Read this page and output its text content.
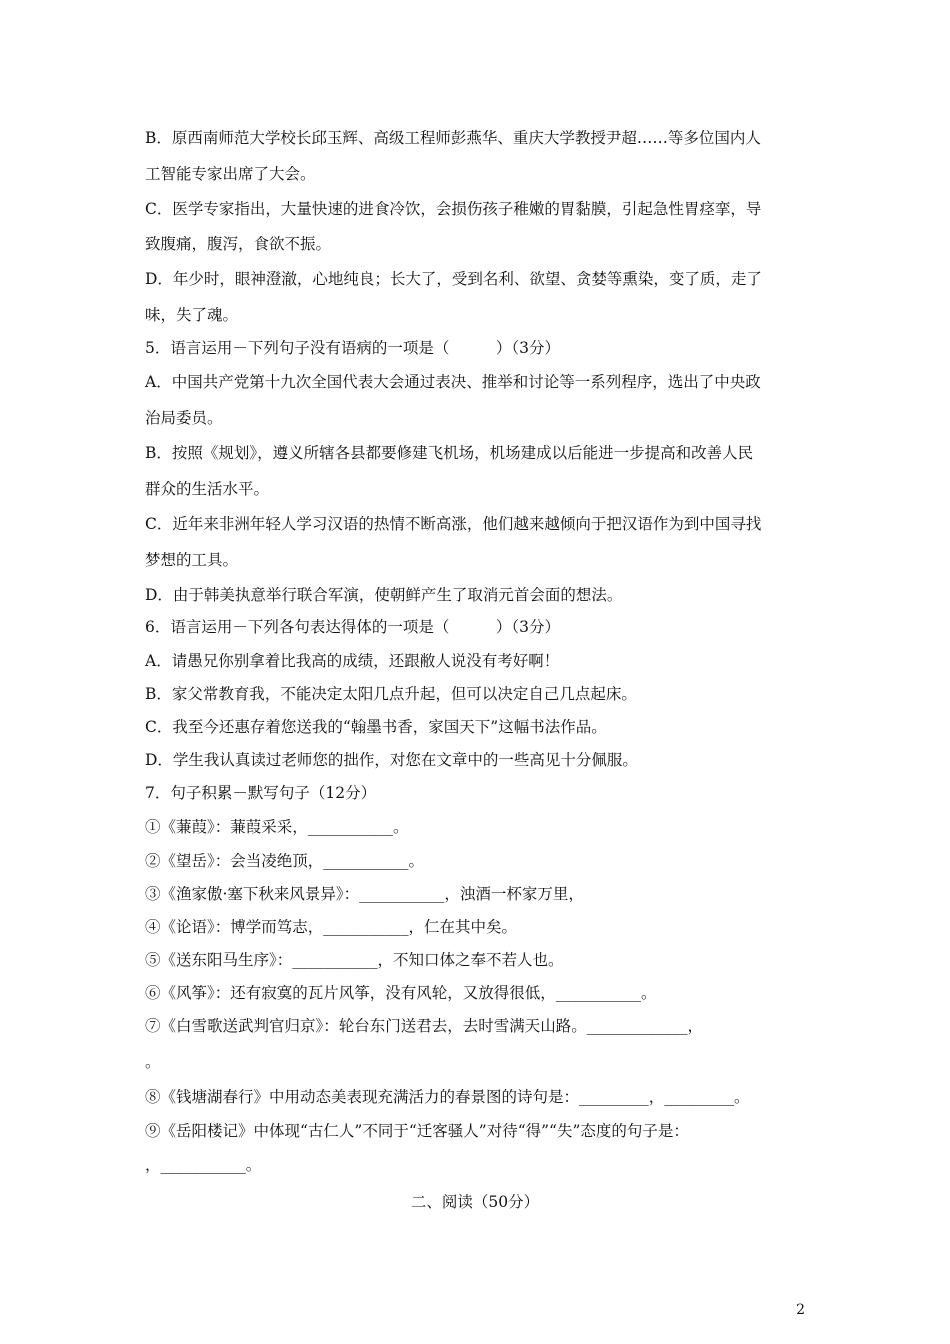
B．原西南师范大学校长邱玉辉、高级工程师彭燕华、重庆大学教授尹超……等多位国内人
工智能专家出席了大会。
C．医学专家指出，大量快速的进食冷饮，会损伤孩子稚嫩的胃黏膜，引起急性胃痉挛，导
致腹痛，腹泻，食欲不振。
D．年少时，眼神澄澈，心地纯良；长大了，受到名利、欲望、贪婪等熏染，变了质，走了
味，失了魂。
5．语言运用－下列句子没有语病的一项是（　　　）（3分）
A．中国共产党第十九次全国代表大会通过表决、推举和讨论等一系列程序，选出了中央政
治局委员。
B．按照《规划》，遵义所辖各县都要修建飞机场，机场建成以后能进一步提高和改善人民
群众的生活水平。
C．近年来非洲年轻人学习汉语的热情不断高涨，他们越来越倾向于把汉语作为到中国寻找
梦想的工具。
D．由于韩美执意举行联合军演，使朝鲜产生了取消元首会面的想法。
6．语言运用－下列各句表达得体的一项是（　　　）（3分）
A．请愚兄你别拿着比我高的成绩，还跟敝人说没有考好啊！
B．家父常教育我，不能决定太阳几点升起，但可以决定自己几点起床。
C．我至今还惠存着您送我的“翰墨书香，家国天下”这幅书法作品。
D．学生我认真读过老师您的拙作，对您在文章中的一些高见十分佩服。
7．句子积累－默写句子（12分）
①《蒹葭》：蒹葭采采，___________。
②《望岳》：会当凌绝顶，___________。
③《渔家傲·塞下秋来风景异》：___________，浊酒一杯家万里，
④《论语》：博学而笃志，___________，仁在其中矣。
⑤《送东阳马生序》：___________，不知口体之奉不若人也。
⑥《风筝》：还有寂寞的瓦片风筝，没有风轮，又放得很低，___________。
⑦《白雪歌送武判官归京》：轮台东门送君去，去时雪满天山路。_____________，
。
⑧《钱塘湖春行》中用动态美表现充满活力的春景图的诗句是：_________，_________。
⑨《岳阳楼记》中体现“古仁人”不同于“迁客骚人”对待“得”“失”态度的句子是：
，___________。
二、阅读（50分）
2
